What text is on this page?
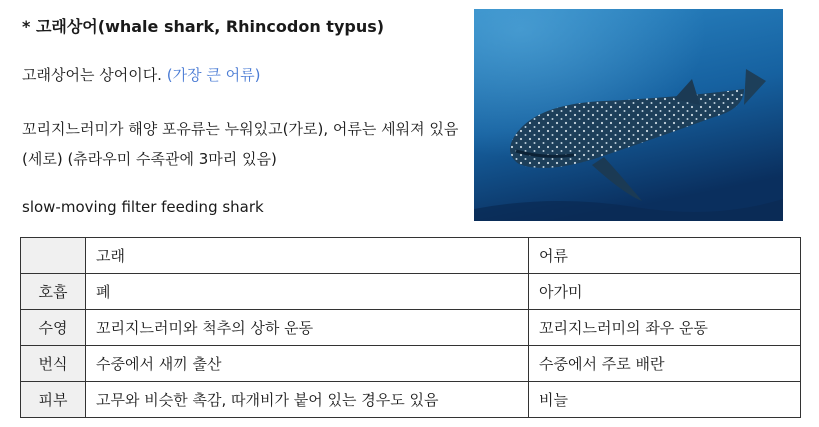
* 고래상어(whale shark, Rhincodon typus)
고래상어는 상어이다. (가장 큰 어류)
꼬리지느러미가 해양 포유류는 누워있고(가로), 어류는 세워져 있음(세로) (츄라우미 수족관에 3마리 있음)
slow-moving filter feeding shark
	고래	어류
호흡	폐	아가미
수영	꼬리지느러미와 척추의 상하 운동	꼬리지느러미의 좌우 운동
번식	수중에서 새끼 출산	수중에서 주로 배란
피부	고무와 비슷한 촉감, 따개비가 붙어 있는 경우도 있음	비늘
